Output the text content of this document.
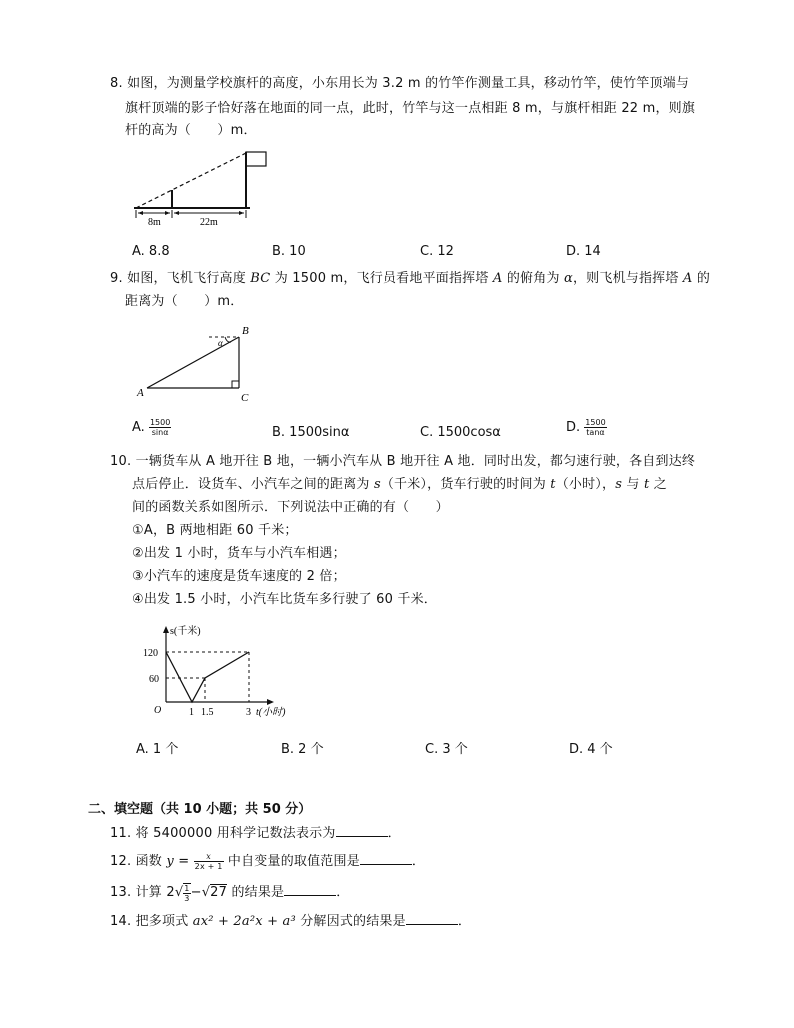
8. 如图，为测量学校旗杆的高度，小东用长为 3.2 m 的竹竿作测量工具，移动竹竿，使竹竿顶端与
旗杆顶端的影子恰好落在地面的同一点，此时，竹竿与这一点相距 8 m，与旗杆相距 22 m，则旗
杆的高为（　　）m．
8m	22m
A. 8.8	B. 10	C. 12	D. 14
9. 如图，飞机飞行高度 BC 为 1500 m，飞行员看地平面指挥塔 A 的俯角为 α，则飞机与指挥塔 A 的
距离为（　　）m．
A
B
C
α
A. $\frac{1500}{\sin\alpha}$	B. 1500sinα	C. 1500cosα	D. $\frac{1500}{\tan\alpha}$
10. 一辆货车从 A 地开往 B 地，一辆小汽车从 B 地开往 A 地．同时出发，都匀速行驶，各自到达终
点后停止．设货车、小汽车之间的距离为 s（千米），货车行驶的时间为 t（小时），s 与 t 之
间的函数关系如图所示．下列说法中正确的有（　　）
①A，B 两地相距 60 千米；
②出发 1 小时，货车与小汽车相遇；
③小汽车的速度是货车速度的 2 倍；
④出发 1.5 小时，小汽车比货车多行驶了 60 千米．
s(千米)
120
60
O	1 1.5	3 t(小时)
A. 1 个	B. 2 个	C. 3 个	D. 4 个
二、填空题（共 10 小题；共 50 分）
11. 将 5400000 用科学记数法表示为	．
12. 函数 $y = \frac{x}{2x + 1}$ 中自变量的取值范围是	．
13. 计算 $2√ \frac{1}{3} -√27$ 的结果是	．
14. 把多项式 ax² + 2a²x + a³ 分解因式的结果是	．
